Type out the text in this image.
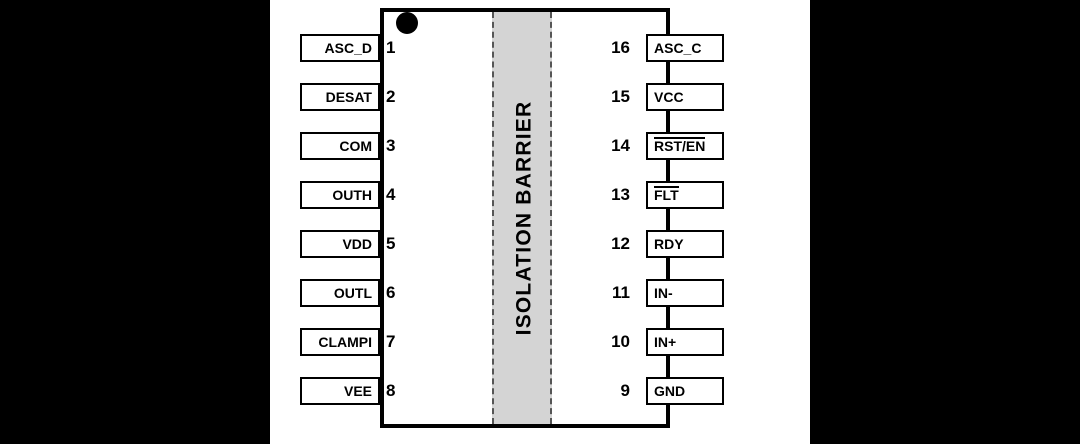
ISOLATION BARRIER
ASC_D 1
DESAT 2
COM 3
OUTH 4
VDD 5
OUTL 6
CLAMPI 7
VEE 8
16	ASC_C
15	VCC
14	RST/EN
13	FLT
12	RDY
11	IN-
10	IN+
9	GND
